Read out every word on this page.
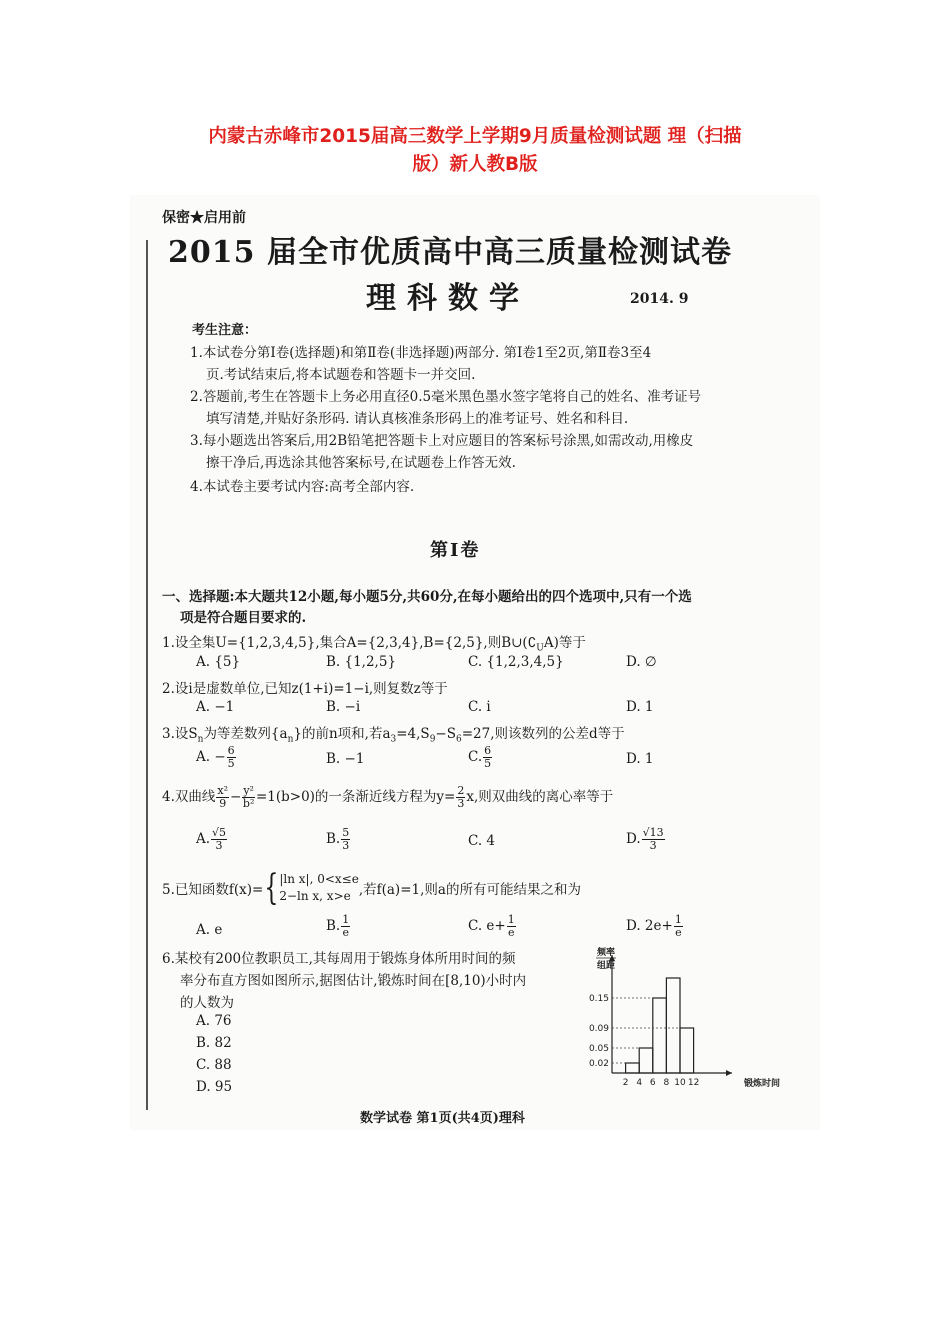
内蒙古赤峰市2015届高三数学上学期9月质量检测试题 理（扫描
版）新人教B版
保密★启用前
2015 届全市优质高中高三质量检测试卷
理科数学	2014. 9
考生注意：
1.本试卷分第Ⅰ卷(选择题)和第Ⅱ卷(非选择题)两部分. 第Ⅰ卷1至2页,第Ⅱ卷3至4
页.考试结束后,将本试题卷和答题卡一并交回.
2.答题前,考生在答题卡上务必用直径0.5毫米黑色墨水签字笔将自己的姓名、准考证号
填写清楚,并贴好条形码. 请认真核准条形码上的准考证号、姓名和科目.
3.每小题选出答案后,用2B铅笔把答题卡上对应题目的答案标号涂黑,如需改动,用橡皮
擦干净后,再选涂其他答案标号,在试题卷上作答无效.
4.本试卷主要考试内容:高考全部内容.
第Ⅰ卷
一、选择题:本大题共12小题,每小题5分,共60分,在每小题给出的四个选项中,只有一个选
项是符合题目要求的.
1.设全集U={1,2,3,4,5},集合A={2,3,4},B={2,5},则$B\cup(∁_UA)$等于
A. {5}	B. {1,2,5}	C. {1,2,3,4,5}	D. ∅
2.设i是虚数单位,已知z(1+i)=1−i,则复数z等于
A. −1	B. −i	C. i	D. 1
3.设$S_n$为等差数列$\{a_n\}$的前n项和,若$a_3=4,S_9-S_6=27$,则该数列的公差d等于
A. − $\frac{6}{5}$	B. −1	C. $\frac{6}{5}$	D. 1
4.双曲线 $\frac{\text{x²}}{9} - \frac{\text{y²}}{\text{b²}} =1(b>0)$的一条渐近线方程为$y= \frac{2}{3} x$,则双曲线的离心率等于
A. $\frac{√5}{3}$	B. $\frac{5}{3}$	C. 4	D. $\frac{√13}{3}$
5.已知函数f(x)={ |ln x|, 0<x≤e
2−ln x, x>e ,若f(a)=1,则a的所有可能结果之和为
A. e	B. $\frac{1}{e}$	C. $e+ \frac{1}{e}$	D. $2e+ \frac{1}{e}$
6.某校有200位教职员工,其每周用于锻炼身体所用时间的频
率分布直方图如图所示,据图估计,锻炼时间在[8,10)小时内
的人数为
A. 76
B. 82
C. 88
D. 95
0.15
0.09
0.05
0.02
2 4 6 8 10 12
频率
组距
锻炼时间
数学试卷 第1页(共4页)理科
